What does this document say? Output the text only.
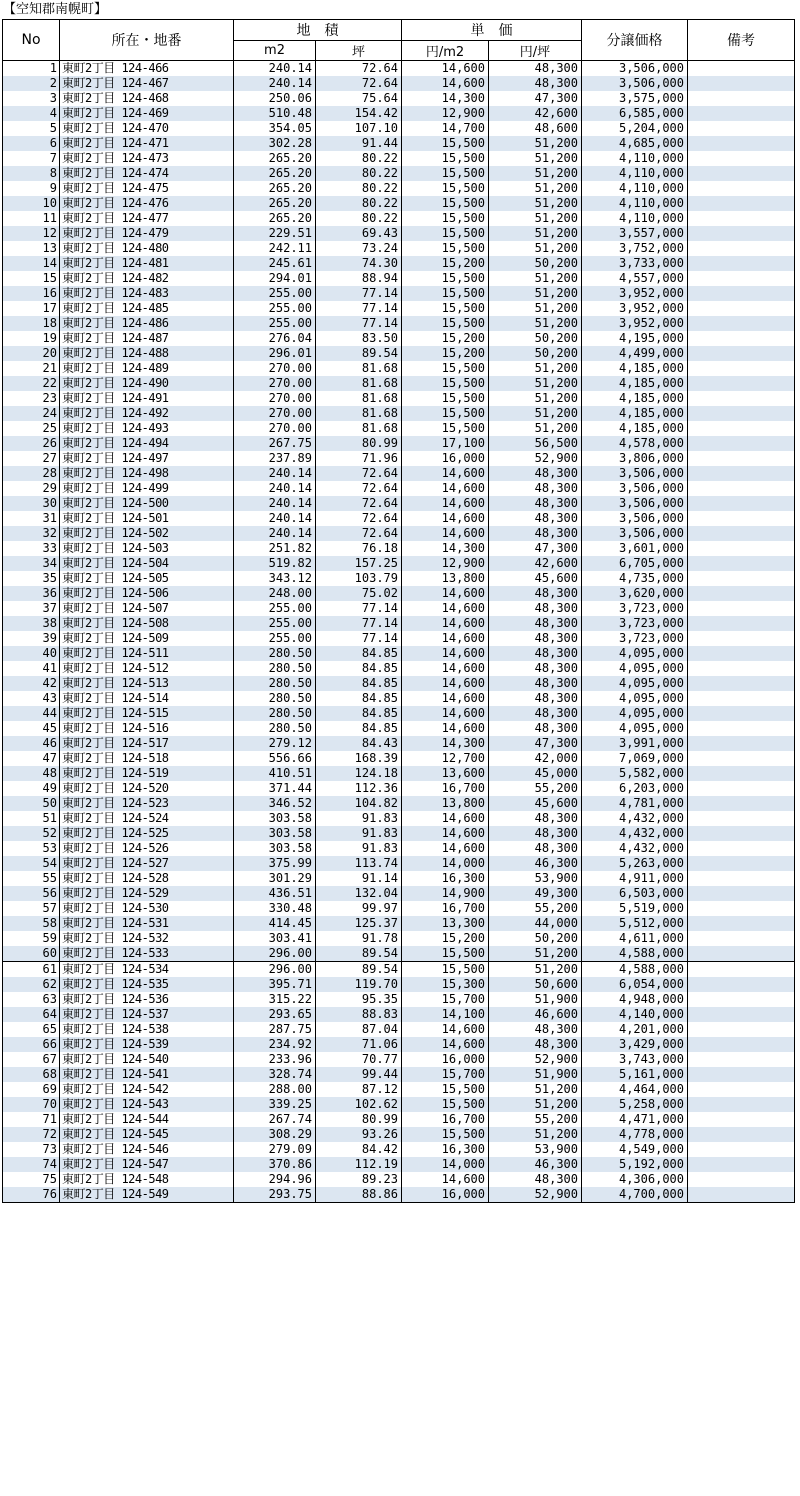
【空知郡南幌町】
No	所在・地番	地　積		単　価		分譲価格	備考
		m2	坪	円/m2	円/坪		
1	東町2丁目 124-466	240.14	72.64	14,600	48,300	3,506,000	
2	東町2丁目 124-467	240.14	72.64	14,600	48,300	3,506,000	
3	東町2丁目 124-468	250.06	75.64	14,300	47,300	3,575,000	
4	東町2丁目 124-469	510.48	154.42	12,900	42,600	6,585,000	
5	東町2丁目 124-470	354.05	107.10	14,700	48,600	5,204,000	
6	東町2丁目 124-471	302.28	91.44	15,500	51,200	4,685,000	
7	東町2丁目 124-473	265.20	80.22	15,500	51,200	4,110,000	
8	東町2丁目 124-474	265.20	80.22	15,500	51,200	4,110,000	
9	東町2丁目 124-475	265.20	80.22	15,500	51,200	4,110,000	
10	東町2丁目 124-476	265.20	80.22	15,500	51,200	4,110,000	
11	東町2丁目 124-477	265.20	80.22	15,500	51,200	4,110,000	
12	東町2丁目 124-479	229.51	69.43	15,500	51,200	3,557,000	
13	東町2丁目 124-480	242.11	73.24	15,500	51,200	3,752,000	
14	東町2丁目 124-481	245.61	74.30	15,200	50,200	3,733,000	
15	東町2丁目 124-482	294.01	88.94	15,500	51,200	4,557,000	
16	東町2丁目 124-483	255.00	77.14	15,500	51,200	3,952,000	
17	東町2丁目 124-485	255.00	77.14	15,500	51,200	3,952,000	
18	東町2丁目 124-486	255.00	77.14	15,500	51,200	3,952,000	
19	東町2丁目 124-487	276.04	83.50	15,200	50,200	4,195,000	
20	東町2丁目 124-488	296.01	89.54	15,200	50,200	4,499,000	
21	東町2丁目 124-489	270.00	81.68	15,500	51,200	4,185,000	
22	東町2丁目 124-490	270.00	81.68	15,500	51,200	4,185,000	
23	東町2丁目 124-491	270.00	81.68	15,500	51,200	4,185,000	
24	東町2丁目 124-492	270.00	81.68	15,500	51,200	4,185,000	
25	東町2丁目 124-493	270.00	81.68	15,500	51,200	4,185,000	
26	東町2丁目 124-494	267.75	80.99	17,100	56,500	4,578,000	
27	東町2丁目 124-497	237.89	71.96	16,000	52,900	3,806,000	
28	東町2丁目 124-498	240.14	72.64	14,600	48,300	3,506,000	
29	東町2丁目 124-499	240.14	72.64	14,600	48,300	3,506,000	
30	東町2丁目 124-500	240.14	72.64	14,600	48,300	3,506,000	
31	東町2丁目 124-501	240.14	72.64	14,600	48,300	3,506,000	
32	東町2丁目 124-502	240.14	72.64	14,600	48,300	3,506,000	
33	東町2丁目 124-503	251.82	76.18	14,300	47,300	3,601,000	
34	東町2丁目 124-504	519.82	157.25	12,900	42,600	6,705,000	
35	東町2丁目 124-505	343.12	103.79	13,800	45,600	4,735,000	
36	東町2丁目 124-506	248.00	75.02	14,600	48,300	3,620,000	
37	東町2丁目 124-507	255.00	77.14	14,600	48,300	3,723,000	
38	東町2丁目 124-508	255.00	77.14	14,600	48,300	3,723,000	
39	東町2丁目 124-509	255.00	77.14	14,600	48,300	3,723,000	
40	東町2丁目 124-511	280.50	84.85	14,600	48,300	4,095,000	
41	東町2丁目 124-512	280.50	84.85	14,600	48,300	4,095,000	
42	東町2丁目 124-513	280.50	84.85	14,600	48,300	4,095,000	
43	東町2丁目 124-514	280.50	84.85	14,600	48,300	4,095,000	
44	東町2丁目 124-515	280.50	84.85	14,600	48,300	4,095,000	
45	東町2丁目 124-516	280.50	84.85	14,600	48,300	4,095,000	
46	東町2丁目 124-517	279.12	84.43	14,300	47,300	3,991,000	
47	東町2丁目 124-518	556.66	168.39	12,700	42,000	7,069,000	
48	東町2丁目 124-519	410.51	124.18	13,600	45,000	5,582,000	
49	東町2丁目 124-520	371.44	112.36	16,700	55,200	6,203,000	
50	東町2丁目 124-523	346.52	104.82	13,800	45,600	4,781,000	
51	東町2丁目 124-524	303.58	91.83	14,600	48,300	4,432,000	
52	東町2丁目 124-525	303.58	91.83	14,600	48,300	4,432,000	
53	東町2丁目 124-526	303.58	91.83	14,600	48,300	4,432,000	
54	東町2丁目 124-527	375.99	113.74	14,000	46,300	5,263,000	
55	東町2丁目 124-528	301.29	91.14	16,300	53,900	4,911,000	
56	東町2丁目 124-529	436.51	132.04	14,900	49,300	6,503,000	
57	東町2丁目 124-530	330.48	99.97	16,700	55,200	5,519,000	
58	東町2丁目 124-531	414.45	125.37	13,300	44,000	5,512,000	
59	東町2丁目 124-532	303.41	91.78	15,200	50,200	4,611,000	
60	東町2丁目 124-533	296.00	89.54	15,500	51,200	4,588,000	
61	東町2丁目 124-534	296.00	89.54	15,500	51,200	4,588,000	
62	東町2丁目 124-535	395.71	119.70	15,300	50,600	6,054,000	
63	東町2丁目 124-536	315.22	95.35	15,700	51,900	4,948,000	
64	東町2丁目 124-537	293.65	88.83	14,100	46,600	4,140,000	
65	東町2丁目 124-538	287.75	87.04	14,600	48,300	4,201,000	
66	東町2丁目 124-539	234.92	71.06	14,600	48,300	3,429,000	
67	東町2丁目 124-540	233.96	70.77	16,000	52,900	3,743,000	
68	東町2丁目 124-541	328.74	99.44	15,700	51,900	5,161,000	
69	東町2丁目 124-542	288.00	87.12	15,500	51,200	4,464,000	
70	東町2丁目 124-543	339.25	102.62	15,500	51,200	5,258,000	
71	東町2丁目 124-544	267.74	80.99	16,700	55,200	4,471,000	
72	東町2丁目 124-545	308.29	93.26	15,500	51,200	4,778,000	
73	東町2丁目 124-546	279.09	84.42	16,300	53,900	4,549,000	
74	東町2丁目 124-547	370.86	112.19	14,000	46,300	5,192,000	
75	東町2丁目 124-548	294.96	89.23	14,600	48,300	4,306,000	
76	東町2丁目 124-549	293.75	88.86	16,000	52,900	4,700,000	
